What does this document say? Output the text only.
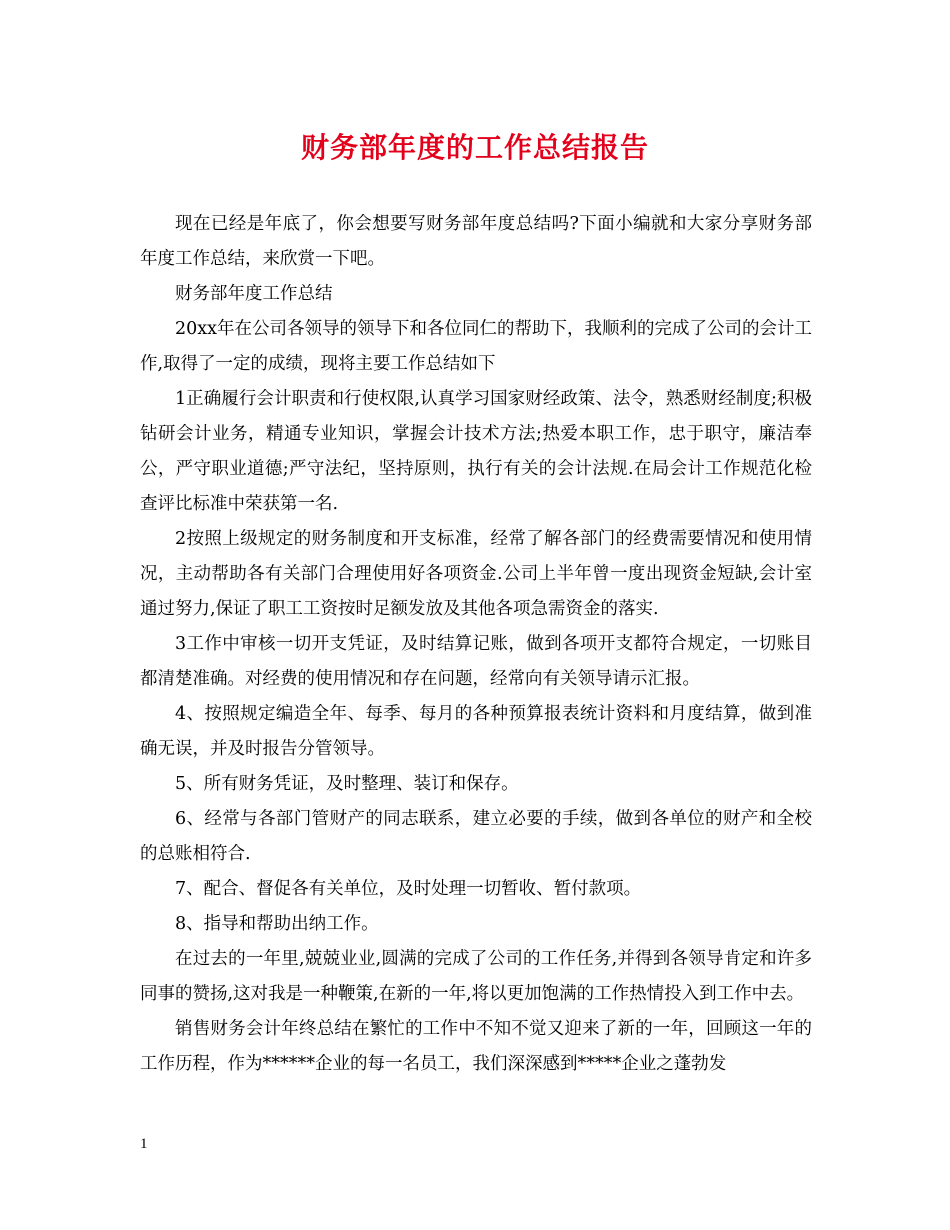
财务部年度的工作总结报告

现在已经是年底了，你会想要写财务部年度总结吗?下面小编就和大家分享财务部年度工作总结，来欣赏一下吧。

财务部年度工作总结

20xx年在公司各领导的领导下和各位同仁的帮助下，我顺利的完成了公司的会计工作,取得了一定的成绩，现将主要工作总结如下

1正确履行会计职责和行使权限,认真学习国家财经政策、法令，熟悉财经制度;积极钻研会计业务，精通专业知识，掌握会计技术方法;热爱本职工作，忠于职守，廉洁奉公，严守职业道德;严守法纪，坚持原则，执行有关的会计法规.在局会计工作规范化检查评比标准中荣获第一名.

2按照上级规定的财务制度和开支标准，经常了解各部门的经费需要情况和使用情况，主动帮助各有关部门合理使用好各项资金.公司上半年曾一度出现资金短缺,会计室通过努力,保证了职工工资按时足额发放及其他各项急需资金的落实.

3工作中审核一切开支凭证，及时结算记账，做到各项开支都符合规定，一切账目都清楚准确。对经费的使用情况和存在问题，经常向有关领导请示汇报。

4、按照规定编造全年、每季、每月的各种预算报表统计资料和月度结算，做到准确无误，并及时报告分管领导。

5、所有财务凭证，及时整理、装订和保存。

6、经常与各部门管财产的同志联系，建立必要的手续，做到各单位的财产和全校的总账相符合.

7、配合、督促各有关单位，及时处理一切暂收、暂付款项。

8、指导和帮助出纳工作。

在过去的一年里,兢兢业业,圆满的完成了公司的工作任务,并得到各领导肯定和许多同事的赞扬,这对我是一种鞭策,在新的一年,将以更加饱满的工作热情投入到工作中去。

销售财务会计年终总结在繁忙的工作中不知不觉又迎来了新的一年，回顾这一年的工作历程，作为******企业的每一名员工，我们深深感到*****企业之蓬勃发

1
